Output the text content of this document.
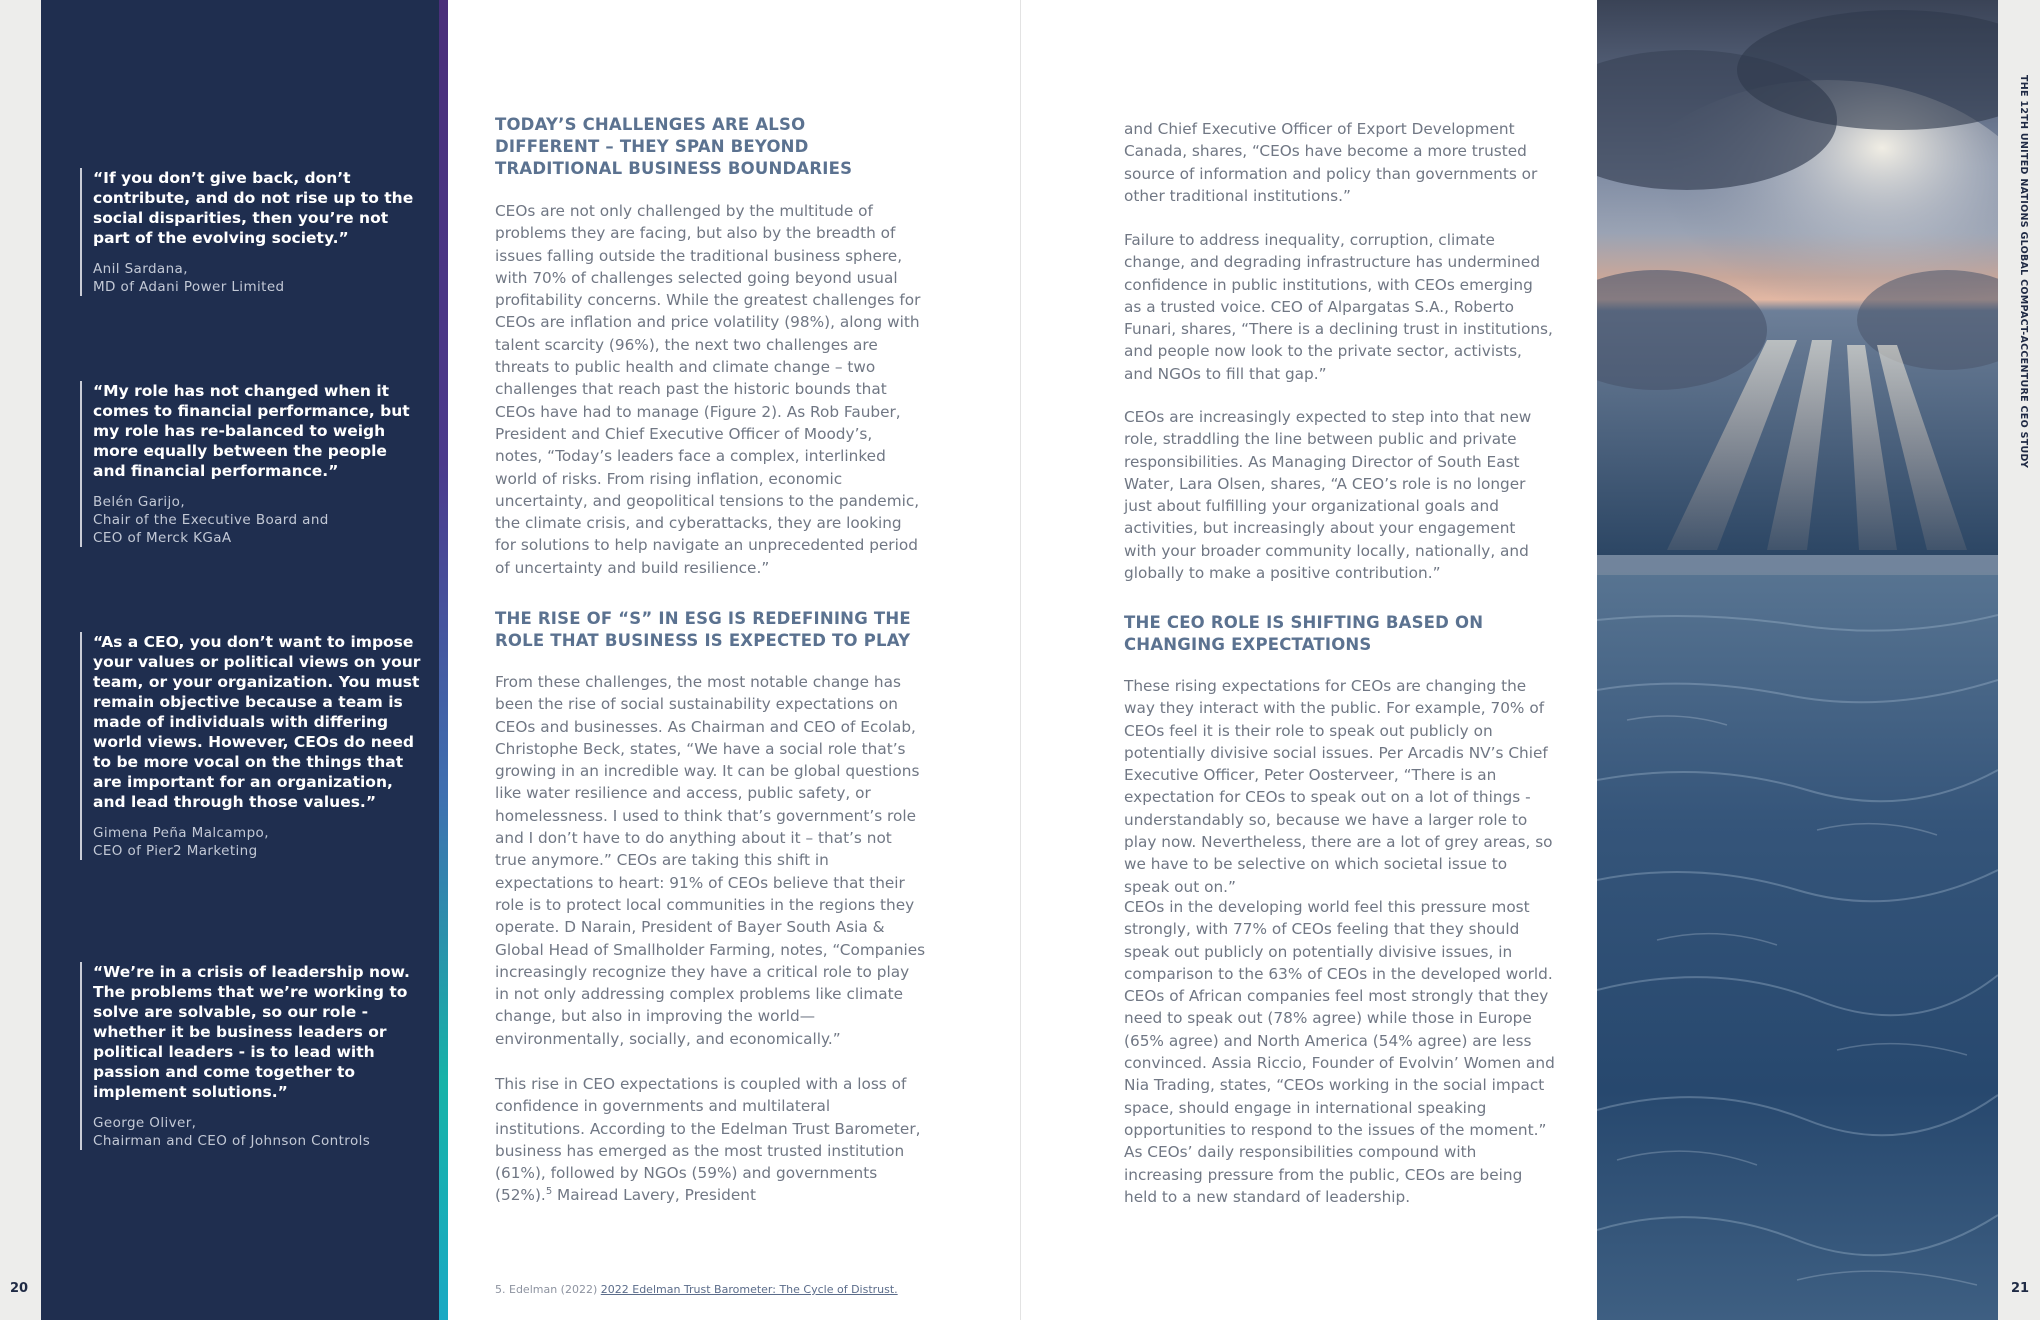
20
“If you don’t give back, don’t contribute, and do not rise up to the social disparities, then you’re not part of the evolving society.”
Anil Sardana,
MD of Adani Power Limited
“My role has not changed when it comes to financial performance, but my role has re-balanced to weigh more equally between the people and financial performance.”
Belén Garijo,
Chair of the Executive Board and
CEO of Merck KGaA
“As a CEO, you don’t want to impose your values or political views on your team, or your organization. You must remain objective because a team is made of individuals with differing world views. However, CEOs do need to be more vocal on the things that are important for an organization, and lead through those values.”
Gimena Peña Malcampo,
CEO of Pier2 Marketing
“We’re in a crisis of leadership now. The problems that we’re working to solve are solvable, so our role - whether it be business leaders or political leaders - is to lead with passion and come together to implement solutions.”
George Oliver,
Chairman and CEO of Johnson Controls
TODAY’S CHALLENGES ARE ALSO DIFFERENT – THEY SPAN BEYOND TRADITIONAL BUSINESS BOUNDARIES
CEOs are not only challenged by the multitude of problems they are facing, but also by the breadth of issues falling outside the traditional business sphere, with 70% of challenges selected going beyond usual profitability concerns. While the greatest challenges for CEOs are inflation and price volatility (98%), along with talent scarcity (96%), the next two challenges are threats to public health and climate change – two challenges that reach past the historic bounds that CEOs have had to manage (Figure 2). As Rob Fauber, President and Chief Executive Officer of Moody’s, notes, “Today’s leaders face a complex, interlinked world of risks. From rising inflation, economic uncertainty, and geopolitical tensions to the pandemic, the climate crisis, and cyberattacks, they are looking for solutions to help navigate an unprecedented period of uncertainty and build resilience.”
THE RISE OF “S” IN ESG IS REDEFINING THE ROLE THAT BUSINESS IS EXPECTED TO PLAY
From these challenges, the most notable change has been the rise of social sustainability expectations on CEOs and businesses. As Chairman and CEO of Ecolab, Christophe Beck, states, “We have a social role that’s growing in an incredible way. It can be global questions like water resilience and access, public safety, or homelessness. I used to think that’s government’s role and I don’t have to do anything about it – that’s not true anymore.” CEOs are taking this shift in expectations to heart: 91% of CEOs believe that their role is to protect local communities in the regions they operate. D Narain, President of Bayer South Asia & Global Head of Smallholder Farming, notes, “Companies increasingly recognize they have a critical role to play in not only addressing complex problems like climate change, but also in improving the world—environmentally, socially, and economically.”
This rise in CEO expectations is coupled with a loss of confidence in governments and multilateral institutions. According to the Edelman Trust Barometer, business has emerged as the most trusted institution (61%), followed by NGOs (59%) and governments (52%).$^5$ Mairead Lavery, President
5. Edelman (2022) 2022 Edelman Trust Barometer: The Cycle of Distrust.
and Chief Executive Officer of Export Development Canada, shares, “CEOs have become a more trusted source of information and policy than governments or other traditional institutions.”
Failure to address inequality, corruption, climate change, and degrading infrastructure has undermined confidence in public institutions, with CEOs emerging as a trusted voice. CEO of Alpargatas S.A., Roberto Funari, shares, “There is a declining trust in institutions, and people now look to the private sector, activists, and NGOs to fill that gap.”
CEOs are increasingly expected to step into that new role, straddling the line between public and private responsibilities. As Managing Director of South East Water, Lara Olsen, shares, “A CEO’s role is no longer just about fulfilling your organizational goals and activities, but increasingly about your engagement with your broader community locally, nationally, and globally to make a positive contribution.”
THE CEO ROLE IS SHIFTING BASED ON CHANGING EXPECTATIONS
These rising expectations for CEOs are changing the way they interact with the public. For example, 70% of CEOs feel it is their role to speak out publicly on potentially divisive social issues. Per Arcadis NV’s Chief Executive Officer, Peter Oosterveer, “There is an expectation for CEOs to speak out on a lot of things - understandably so, because we have a larger role to play now. Nevertheless, there are a lot of grey areas, so we have to be selective on which societal issue to speak out on.”
CEOs in the developing world feel this pressure most strongly, with 77% of CEOs feeling that they should speak out publicly on potentially divisive issues, in comparison to the 63% of CEOs in the developed world. CEOs of African companies feel most strongly that they need to speak out (78% agree) while those in Europe (65% agree) and North America (54% agree) are less convinced. Assia Riccio, Founder of Evolvin’ Women and Nia Trading, states, “CEOs working in the social impact space, should engage in international speaking opportunities to respond to the issues of the moment.” As CEOs’ daily responsibilities compound with increasing pressure from the public, CEOs are being held to a new standard of leadership.
THE 12TH UNITED NATIONS GLOBAL COMPACT-ACCENTURE CEO STUDY
21
